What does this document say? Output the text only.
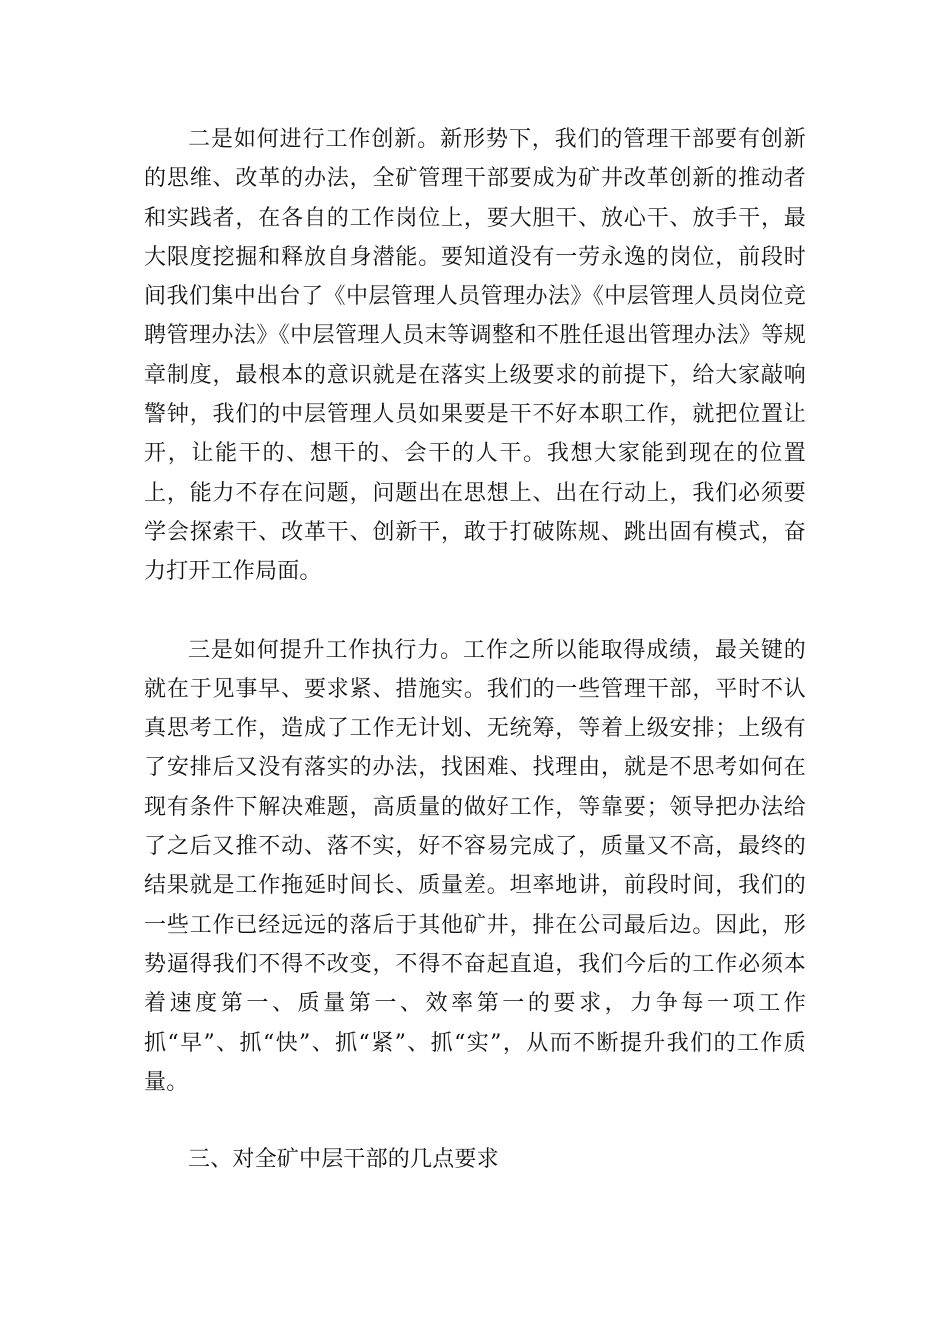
二是如何进行工作创新。新形势下，我们的管理干部要有创新的思维、改革的办法，全矿管理干部要成为矿井改革创新的推动者和实践者，在各自的工作岗位上，要大胆干、放心干、放手干，最大限度挖掘和释放自身潜能。要知道没有一劳永逸的岗位，前段时间我们集中出台了《中层管理人员管理办法》《中层管理人员岗位竞聘管理办法》《中层管理人员末等调整和不胜任退出管理办法》等规章制度，最根本的意识就是在落实上级要求的前提下，给大家敲响警钟，我们的中层管理人员如果要是干不好本职工作，就把位置让开，让能干的、想干的、会干的人干。我想大家能到现在的位置上，能力不存在问题，问题出在思想上、出在行动上，我们必须要学会探索干、改革干、创新干，敢于打破陈规、跳出固有模式，奋力打开工作局面。

三是如何提升工作执行力。工作之所以能取得成绩，最关键的就在于见事早、要求紧、措施实。我们的一些管理干部，平时不认真思考工作，造成了工作无计划、无统筹，等着上级安排；上级有了安排后又没有落实的办法，找困难、找理由，就是不思考如何在现有条件下解决难题，高质量的做好工作，等靠要；领导把办法给了之后又推不动、落不实，好不容易完成了，质量又不高，最终的结果就是工作拖延时间长、质量差。坦率地讲，前段时间，我们的一些工作已经远远的落后于其他矿井，排在公司最后边。因此，形势逼得我们不得不改变，不得不奋起直追，我们今后的工作必须本着速度第一、质量第一、效率第一的要求，力争每一项工作抓“早”、抓“快”、抓“紧”、抓“实”，从而不断提升我们的工作质量。

三、对全矿中层干部的几点要求
